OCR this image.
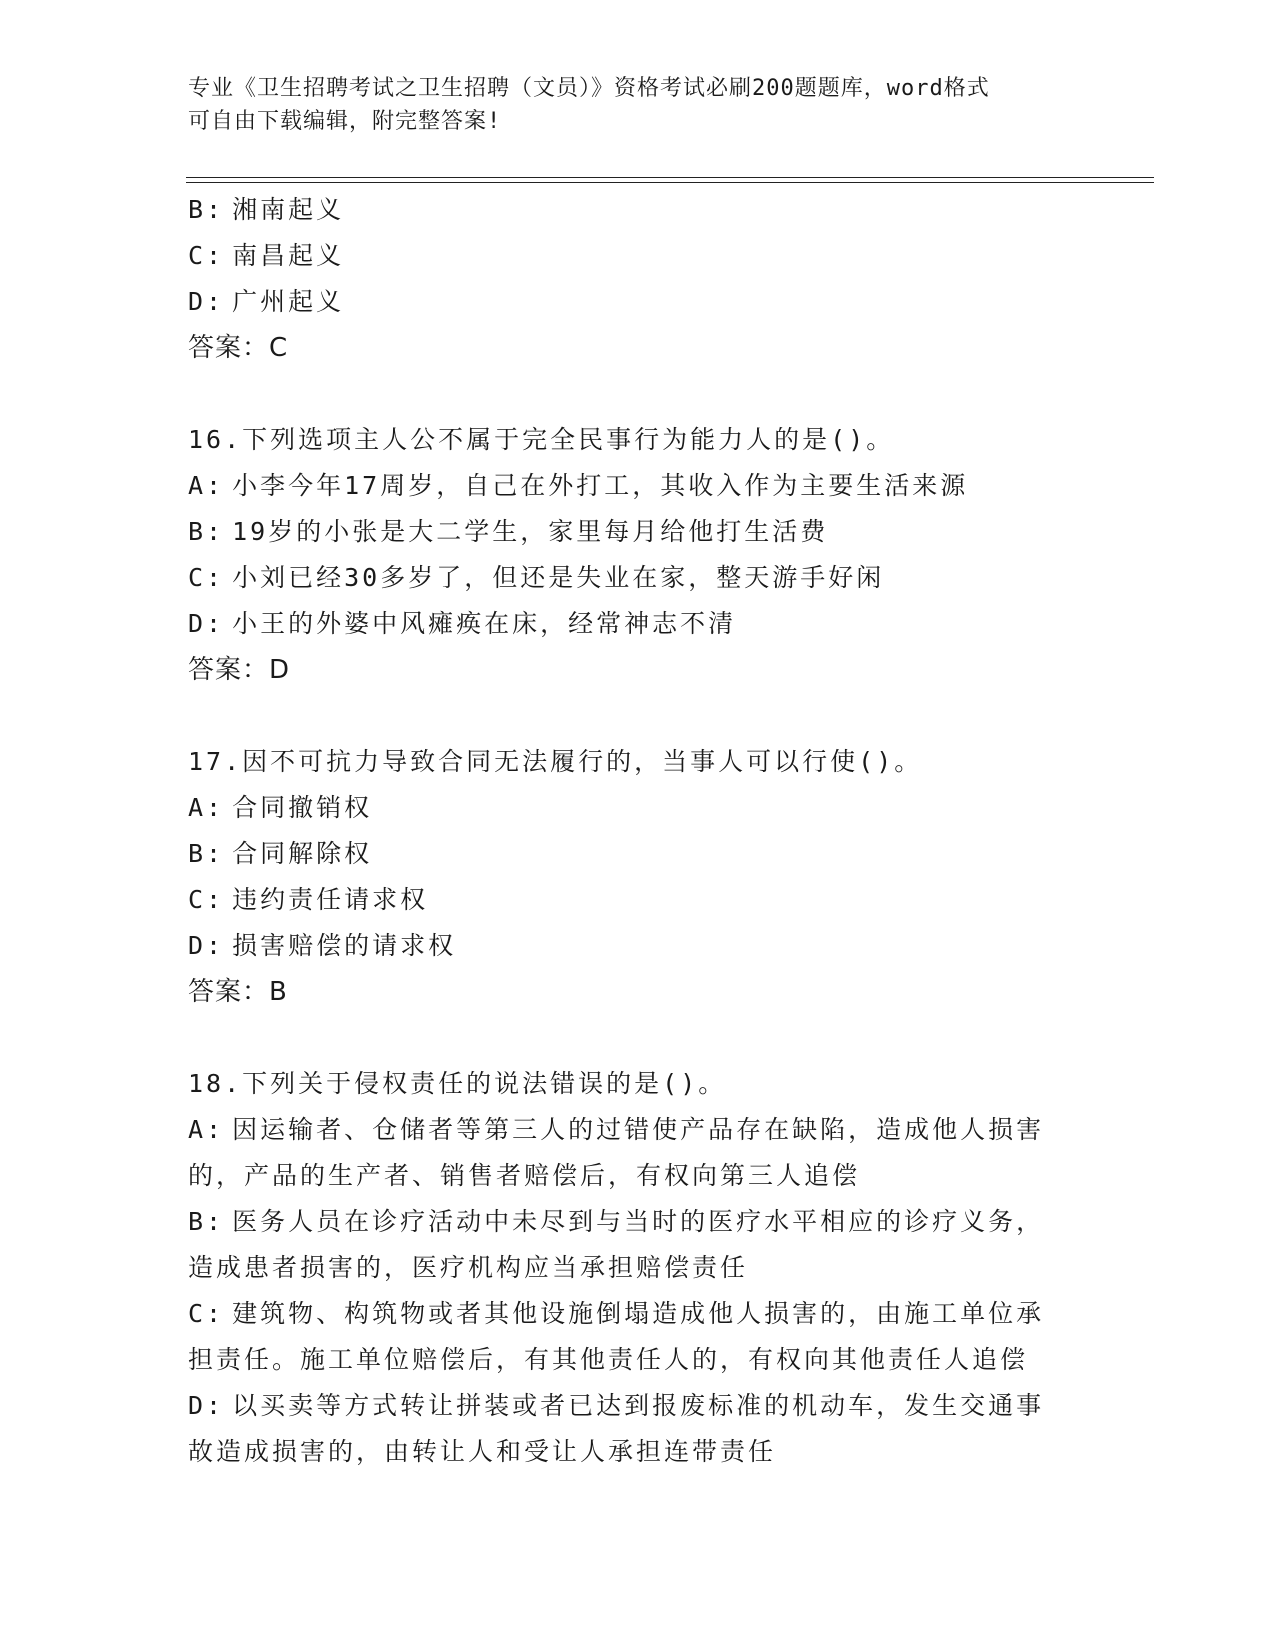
专业《卫生招聘考试之卫生招聘（文员）》资格考试必刷200题题库，word格式
可自由下载编辑，附完整答案!
B: 湘南起义
C: 南昌起义
D: 广州起义
答案：C
16.下列选项主人公不属于完全民事行为能力人的是()。
A: 小李今年17周岁，自己在外打工，其收入作为主要生活来源
B: 19岁的小张是大二学生，家里每月给他打生活费
C: 小刘已经30多岁了，但还是失业在家，整天游手好闲
D: 小王的外婆中风瘫痪在床，经常神志不清
答案：D
17.因不可抗力导致合同无法履行的，当事人可以行使()。
A: 合同撤销权
B: 合同解除权
C: 违约责任请求权
D: 损害赔偿的请求权
答案：B
18.下列关于侵权责任的说法错误的是()。
A: 因运输者、仓储者等第三人的过错使产品存在缺陷，造成他人损害
的，产品的生产者、销售者赔偿后，有权向第三人追偿
B: 医务人员在诊疗活动中未尽到与当时的医疗水平相应的诊疗义务，
造成患者损害的，医疗机构应当承担赔偿责任
C: 建筑物、构筑物或者其他设施倒塌造成他人损害的，由施工单位承
担责任。施工单位赔偿后，有其他责任人的，有权向其他责任人追偿
D: 以买卖等方式转让拼装或者已达到报废标准的机动车，发生交通事
故造成损害的，由转让人和受让人承担连带责任
